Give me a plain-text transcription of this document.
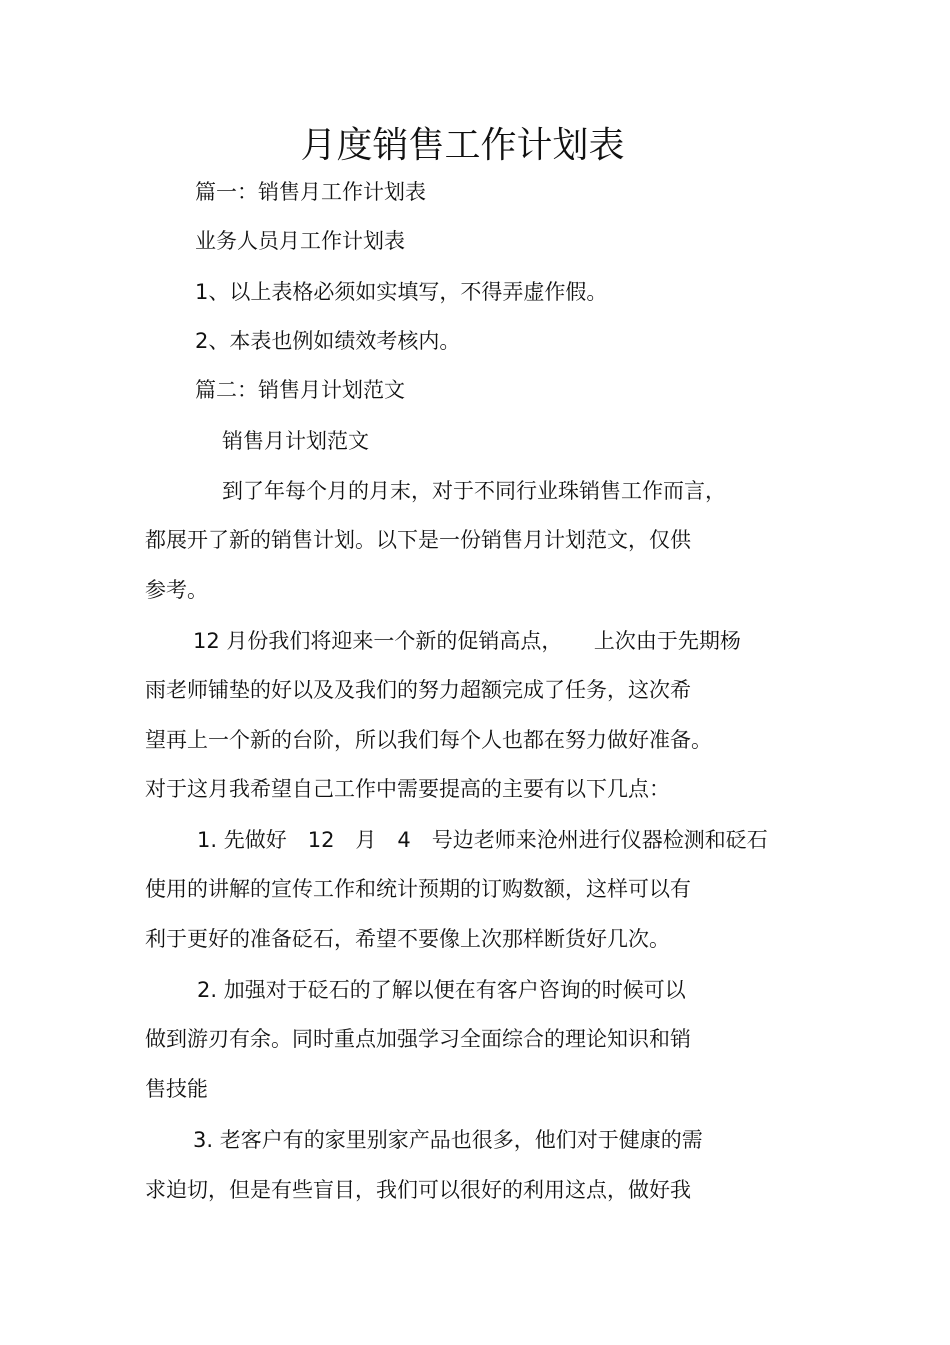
月度销售工作计划表
篇一：销售月工作计划表
业务人员月工作计划表
1、以上表格必须如实填写，不得弄虚作假。
2、本表也例如绩效考核内。
篇二：销售月计划范文
销售月计划范文
到了年每个月的月末，对于不同行业珠销售工作而言，
都展开了新的销售计划。以下是一份销售月计划范文，仅供
参考。
12 月份我们将迎来一个新的促销高点，　　上次由于先期杨
雨老师铺垫的好以及及我们的努力超额完成了任务，这次希
望再上一个新的台阶，所以我们每个人也都在努力做好准备。
对于这月我希望自己工作中需要提高的主要有以下几点：
1. 先做好　12　月　4　号边老师来沧州进行仪器检测和砭石
使用的讲解的宣传工作和统计预期的订购数额，这样可以有
利于更好的准备砭石，希望不要像上次那样断货好几次。
2. 加强对于砭石的了解以便在有客户咨询的时候可以
做到游刃有余。同时重点加强学习全面综合的理论知识和销
售技能
3. 老客户有的家里别家产品也很多，他们对于健康的需
求迫切，但是有些盲目，我们可以很好的利用这点，做好我
